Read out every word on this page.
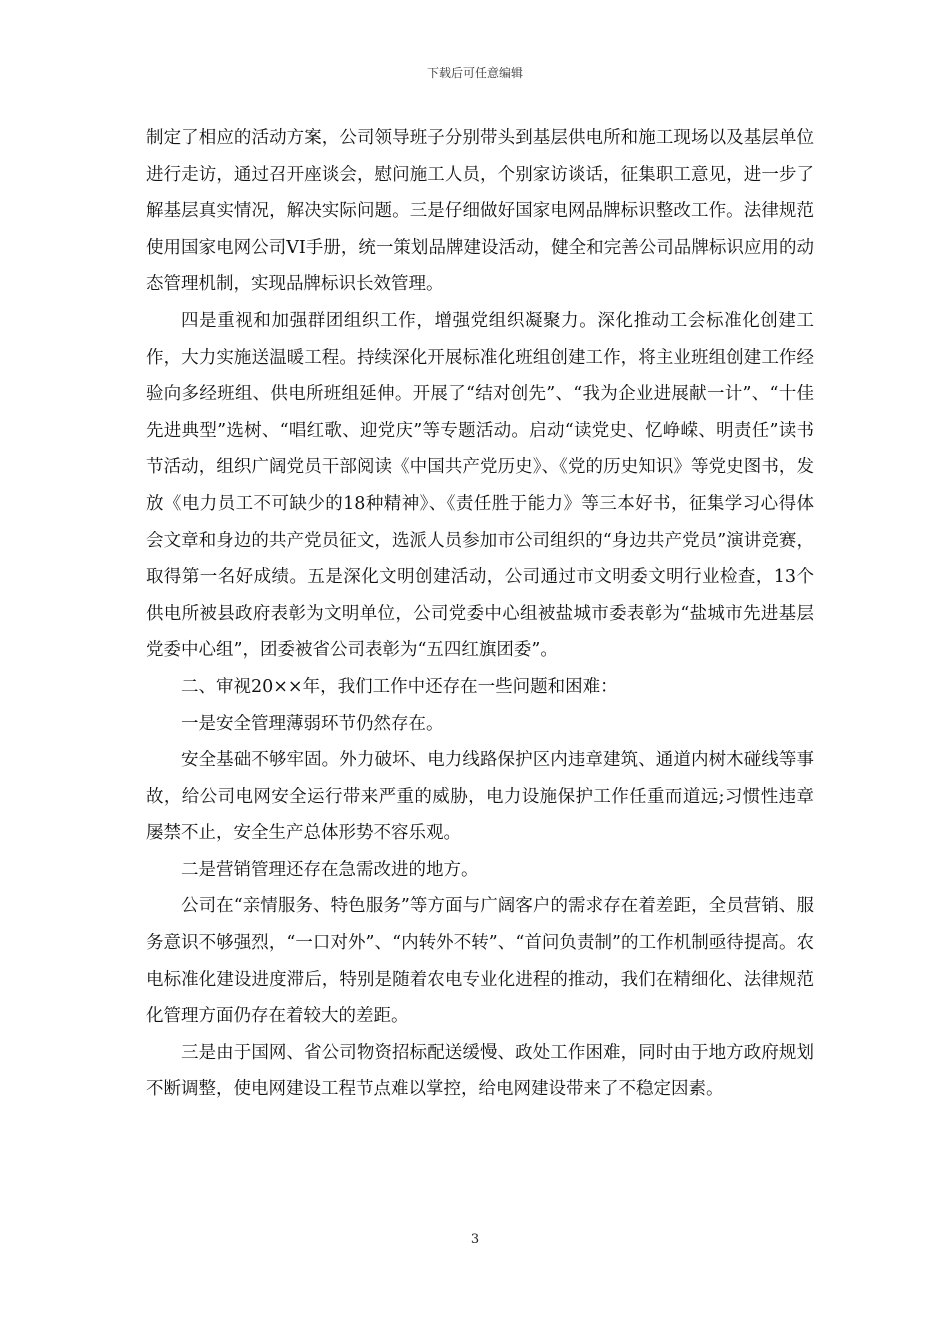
下载后可任意编辑

制定了相应的活动方案，公司领导班子分别带头到基层供电所和施工现场以及基层单位进行走访，通过召开座谈会，慰问施工人员，个别家访谈话，征集职工意见，进一步了解基层真实情况，解决实际问题。三是仔细做好国家电网品牌标识整改工作。法律规范使用国家电网公司VI手册，统一策划品牌建设活动，健全和完善公司品牌标识应用的动态管理机制，实现品牌标识长效管理。

四是重视和加强群团组织工作，增强党组织凝聚力。深化推动工会标准化创建工作，大力实施送温暖工程。持续深化开展标准化班组创建工作，将主业班组创建工作经验向多经班组、供电所班组延伸。开展了“结对创先”、“我为企业进展献一计”、“十佳先进典型”选树、“唱红歌、迎党庆”等专题活动。启动“读党史、忆峥嵘、明责任”读书节活动，组织广阔党员干部阅读《中国共产党历史》、《党的历史知识》等党史图书，发放《电力员工不可缺少的18种精神》、《责任胜于能力》等三本好书，征集学习心得体会文章和身边的共产党员征文，选派人员参加市公司组织的“身边共产党员”演讲竞赛，取得第一名好成绩。五是深化文明创建活动，公司通过市文明委文明行业检查，13个供电所被县政府表彰为文明单位，公司党委中心组被盐城市委表彰为“盐城市先进基层党委中心组”，团委被省公司表彰为“五四红旗团委”。

二、审视20××年，我们工作中还存在一些问题和困难：

一是安全管理薄弱环节仍然存在。

安全基础不够牢固。外力破坏、电力线路保护区内违章建筑、通道内树木碰线等事故，给公司电网安全运行带来严重的威胁，电力设施保护工作任重而道远;习惯性违章屡禁不止，安全生产总体形势不容乐观。

二是营销管理还存在急需改进的地方。

公司在“亲情服务、特色服务”等方面与广阔客户的需求存在着差距，全员营销、服务意识不够强烈，“一口对外”、“内转外不转”、“首问负责制”的工作机制亟待提高。农电标准化建设进度滞后，特别是随着农电专业化进程的推动，我们在精细化、法律规范化管理方面仍存在着较大的差距。

三是由于国网、省公司物资招标配送缓慢、政处工作困难，同时由于地方政府规划不断调整，使电网建设工程节点难以掌控，给电网建设带来了不稳定因素。

3
